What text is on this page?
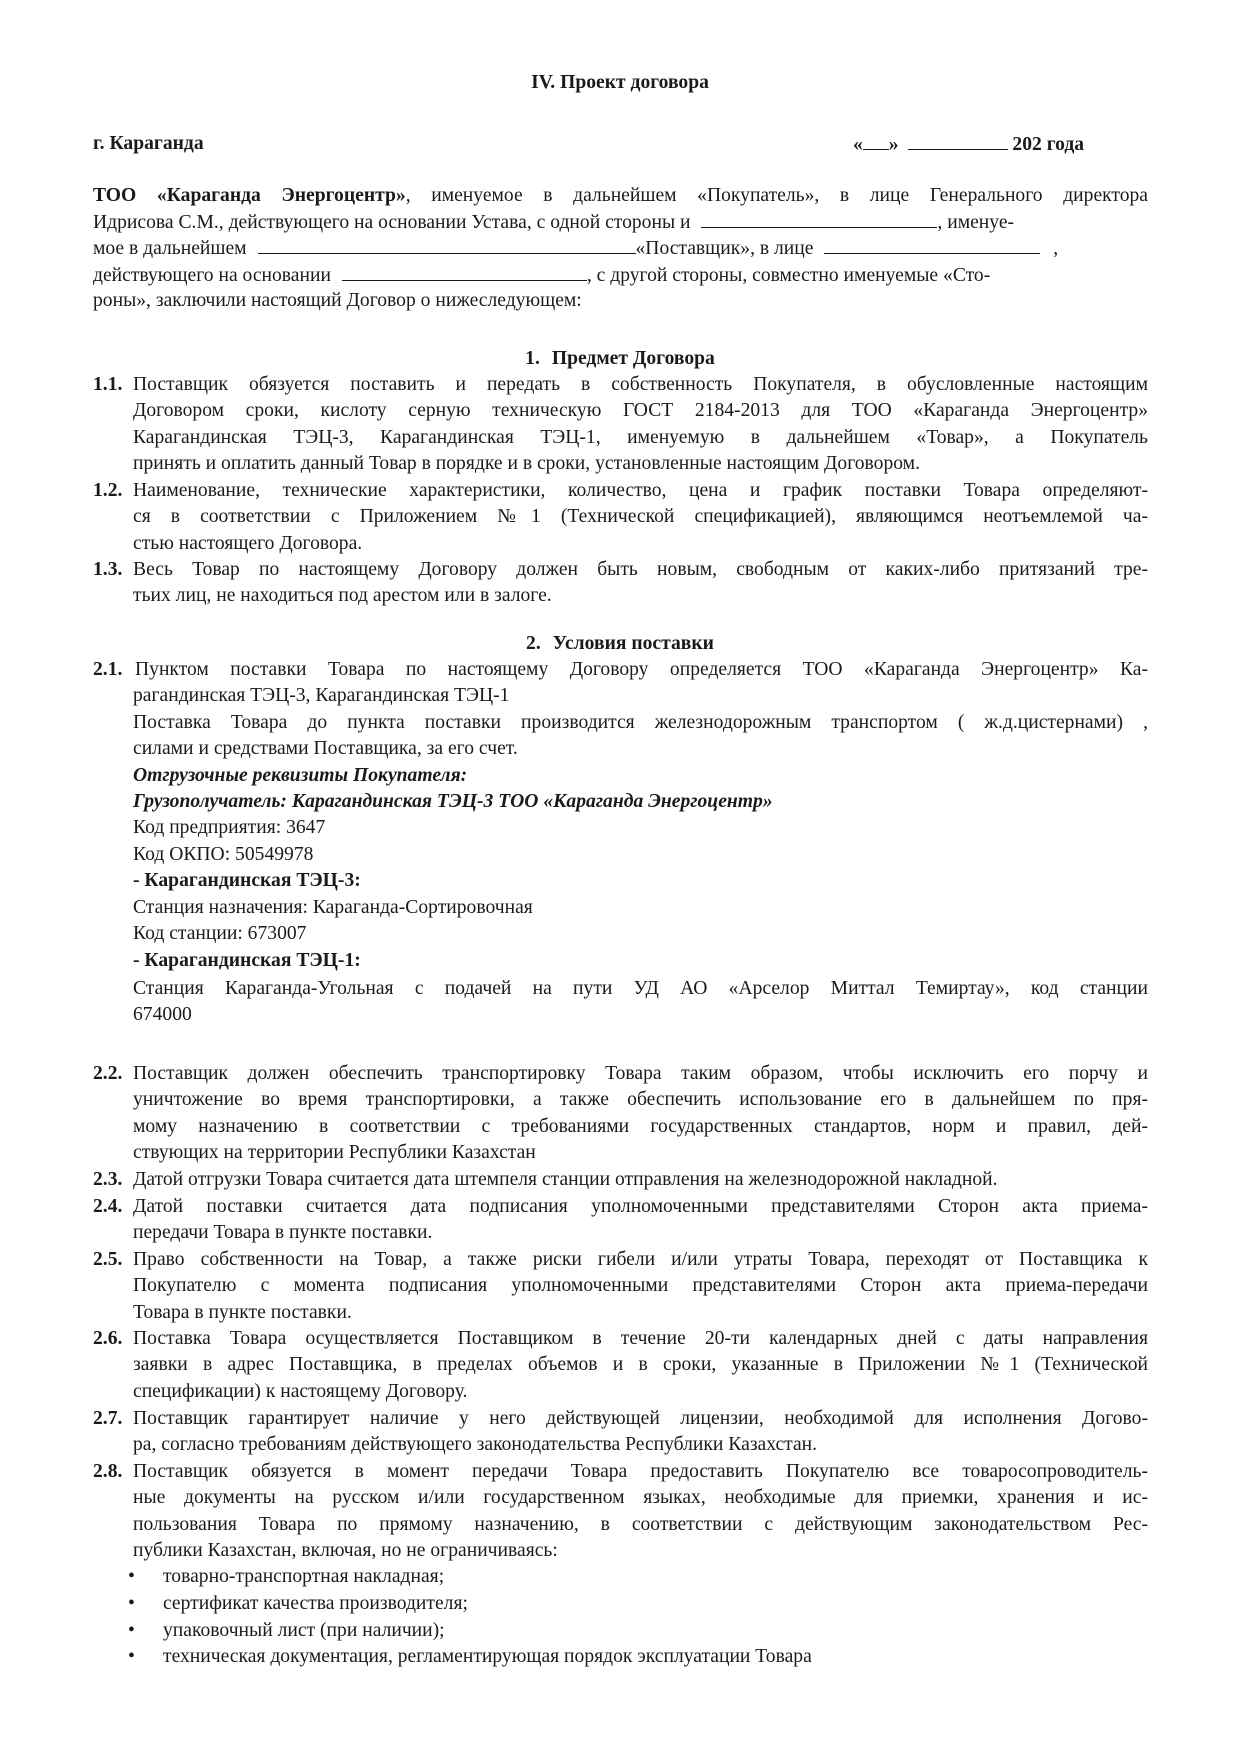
IV. Проект договора
г. Караганда	« »	202 года
ТОО «Караганда Энергоцентр», именуемое в дальнейшем «Покупатель», в лице Генерального директора
Идрисова С.М., действующего на основании Устава, с одной стороны и	, именуе-
мое в дальнейшем	«Поставщик», в лице	,
действующего на основании	, с другой стороны, совместно именуемые «Сто-
роны», заключили настоящий Договор о нижеследующем:
1. Предмет Договора
1.1. Поставщик обязуется поставить и передать в собственность Покупателя, в обусловленные настоящим
Договором сроки, кислоту серную техническую ГОСТ 2184-2013 для ТОО «Караганда Энергоцентр»
Карагандинская ТЭЦ-3, Карагандинская ТЭЦ-1, именуемую в дальнейшем «Товар», а Покупатель
принять и оплатить данный Товар в порядке и в сроки, установленные настоящим Договором.
1.2. Наименование, технические характеристики, количество, цена и график поставки Товара определяют-
ся в соответствии с Приложением №1 (Технической спецификацией), являющимся неотъемлемой ча-
стью настоящего Договора.
1.3. Весь Товар по настоящему Договору должен быть новым, свободным от каких-либо притязаний тре-
тьих лиц, не находиться под арестом или в залоге.
2. Условия поставки
2.1. Пунктом поставки Товара по настоящему Договору определяется ТОО «Караганда Энергоцентр» Ка-
рагандинская ТЭЦ-3, Карагандинская ТЭЦ-1
Поставка Товара до пункта поставки производится железнодорожным транспортом ( ж.д.цистернами) ,
силами и средствами Поставщика, за его счет.
Отгрузочные реквизиты Покупателя:
Грузополучатель: Карагандинская ТЭЦ-3 ТОО «Караганда Энергоцентр»
Код предприятия: 3647
Код ОКПО: 50549978
- Карагандинская ТЭЦ-3:
Станция назначения: Караганда-Сортировочная
Код станции: 673007
- Карагандинская ТЭЦ-1:
Станция Караганда-Угольная с подачей на пути УД АО «Арселор Миттал Темиртау», код станции
674000
2.2. Поставщик должен обеспечить транспортировку Товара таким образом, чтобы исключить его порчу и
уничтожение во время транспортировки, а также обеспечить использование его в дальнейшем по пря-
мому назначению в соответствии с требованиями государственных стандартов, норм и правил, дей-
ствующих на территории Республики Казахстан
2.3. Датой отгрузки Товара считается дата штемпеля станции отправления на железнодорожной накладной.
2.4. Датой поставки считается дата подписания уполномоченными представителями Сторон акта приема-
передачи Товара в пункте поставки.
2.5. Право собственности на Товар, а также риски гибели и/или утраты Товара, переходят от Поставщика к
Покупателю с момента подписания уполномоченными представителями Сторон акта приема-передачи
Товара в пункте поставки.
2.6. Поставка Товара осуществляется Поставщиком в течение 20-ти календарных дней с даты направления
заявки в адрес Поставщика, в пределах объемов и в сроки, указанные в Приложении №1 (Технической
спецификации) к настоящему Договору.
2.7. Поставщик гарантирует наличие у него действующей лицензии, необходимой для исполнения Догово-
ра, согласно требованиям действующего законодательства Республики Казахстан.
2.8. Поставщик обязуется в момент передачи Товара предоставить Покупателю все товаросопроводитель-
ные документы на русском и/или государственном языках, необходимые для приемки, хранения и ис-
пользования Товара по прямому назначению, в соответствии с действующим законодательством Рес-
публики Казахстан, включая, но не ограничиваясь:
• товарно-транспортная накладная;
• сертификат качества производителя;
• упаковочный лист (при наличии);
• техническая документация, регламентирующая порядок эксплуатации Товара
